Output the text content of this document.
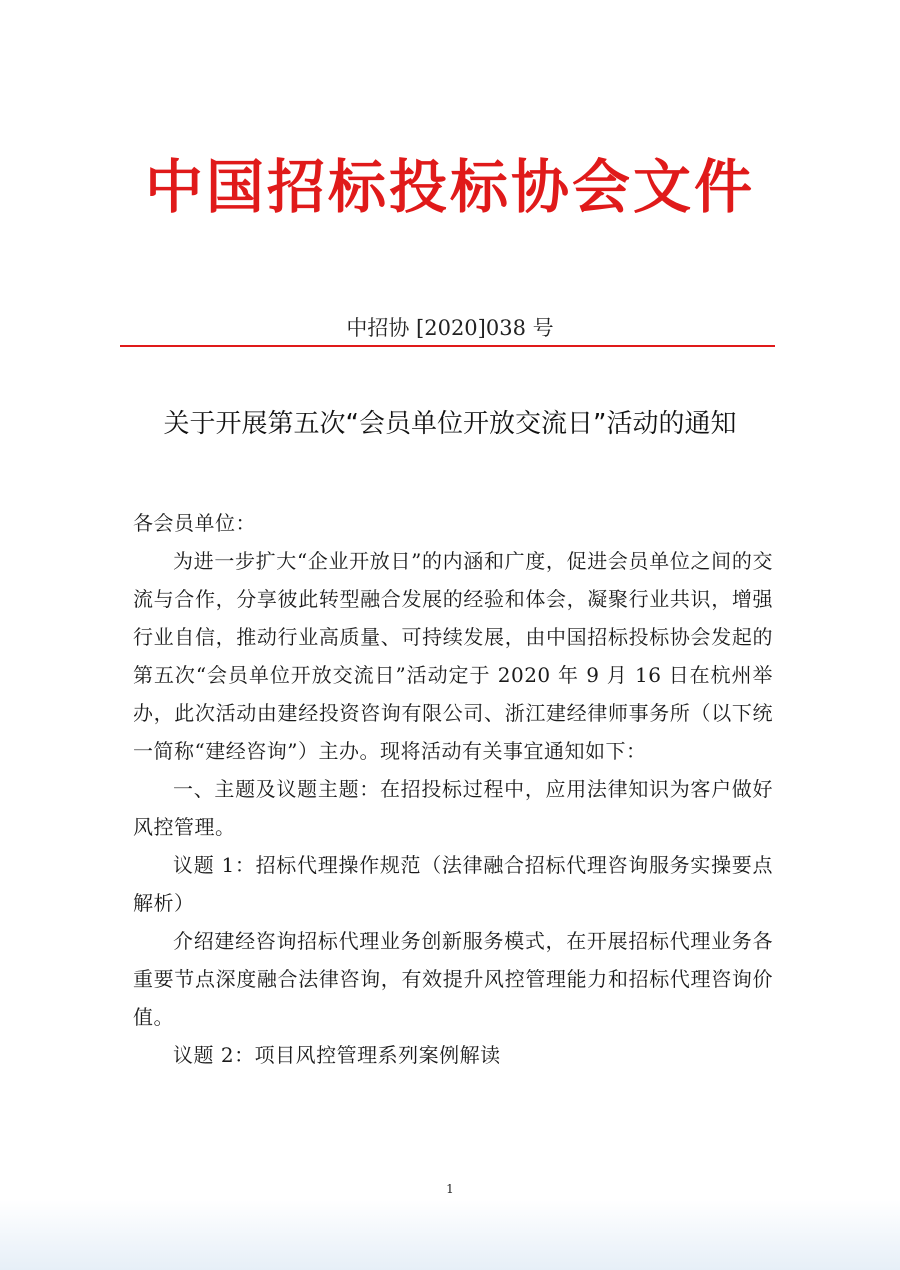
中国招标投标协会文件
中招协 [2020]038 号
关于开展第五次“会员单位开放交流日”活动的通知

各会员单位：

为进一步扩大“企业开放日”的内涵和广度，促进会员单位之间的交流与合作，分享彼此转型融合发展的经验和体会，凝聚行业共识，增强行业自信，推动行业高质量、可持续发展，由中国招标投标协会发起的第五次“会员单位开放交流日”活动定于 2020 年 9 月 16 日在杭州举办，此次活动由建经投资咨询有限公司、浙江建经律师事务所（以下统一简称“建经咨询”）主办。现将活动有关事宜通知如下：

一、主题及议题主题：在招投标过程中，应用法律知识为客户做好风控管理。

议题 1：招标代理操作规范（法律融合招标代理咨询服务实操要点解析）

介绍建经咨询招标代理业务创新服务模式，在开展招标代理业务各重要节点深度融合法律咨询，有效提升风控管理能力和招标代理咨询价值。

议题 2：项目风控管理系列案例解读

1
